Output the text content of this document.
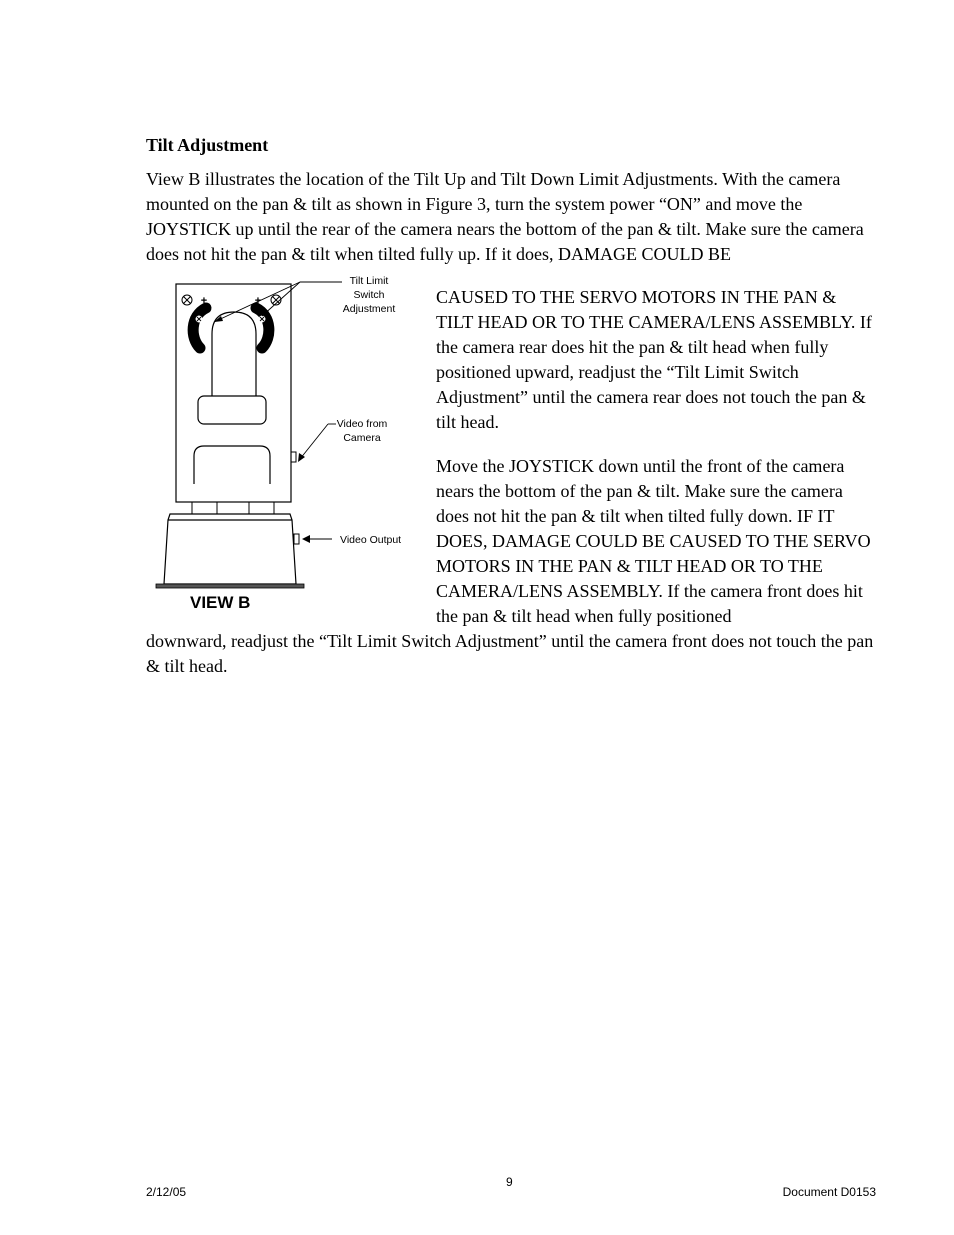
Tilt Adjustment

View B illustrates the location of the Tilt Up and Tilt Down Limit Adjustments. With the camera mounted on the pan & tilt as shown in Figure 3, turn the system power “ON” and move the JOYSTICK up until the rear of the camera nears the bottom of the pan & tilt. Make sure the camera does not hit the pan & tilt when tilted fully up. If it does, DAMAGE COULD BE

+	+
-	-
Tilt Limit
Switch
Adjustment
Video from
Camera
Video Output
VIEW B

CAUSED TO THE SERVO MOTORS IN THE PAN & TILT HEAD OR TO THE CAMERA/LENS ASSEMBLY. If the camera rear does hit the pan & tilt head when fully positioned upward, readjust the “Tilt Limit Switch Adjustment” until the camera rear does not touch the pan & tilt head.

Move the JOYSTICK down until the front of the camera nears the bottom of the pan & tilt. Make sure the camera does not hit the pan & tilt when tilted fully down. IF IT DOES, DAMAGE COULD BE CAUSED TO THE SERVO MOTORS IN THE PAN & TILT HEAD OR TO THE CAMERA/LENS ASSEMBLY. If the camera front does hit the pan & tilt head when fully positioned

downward, readjust the “Tilt Limit Switch Adjustment” until the camera front does not touch the pan & tilt head.

2/12/05
9
Document D0153
